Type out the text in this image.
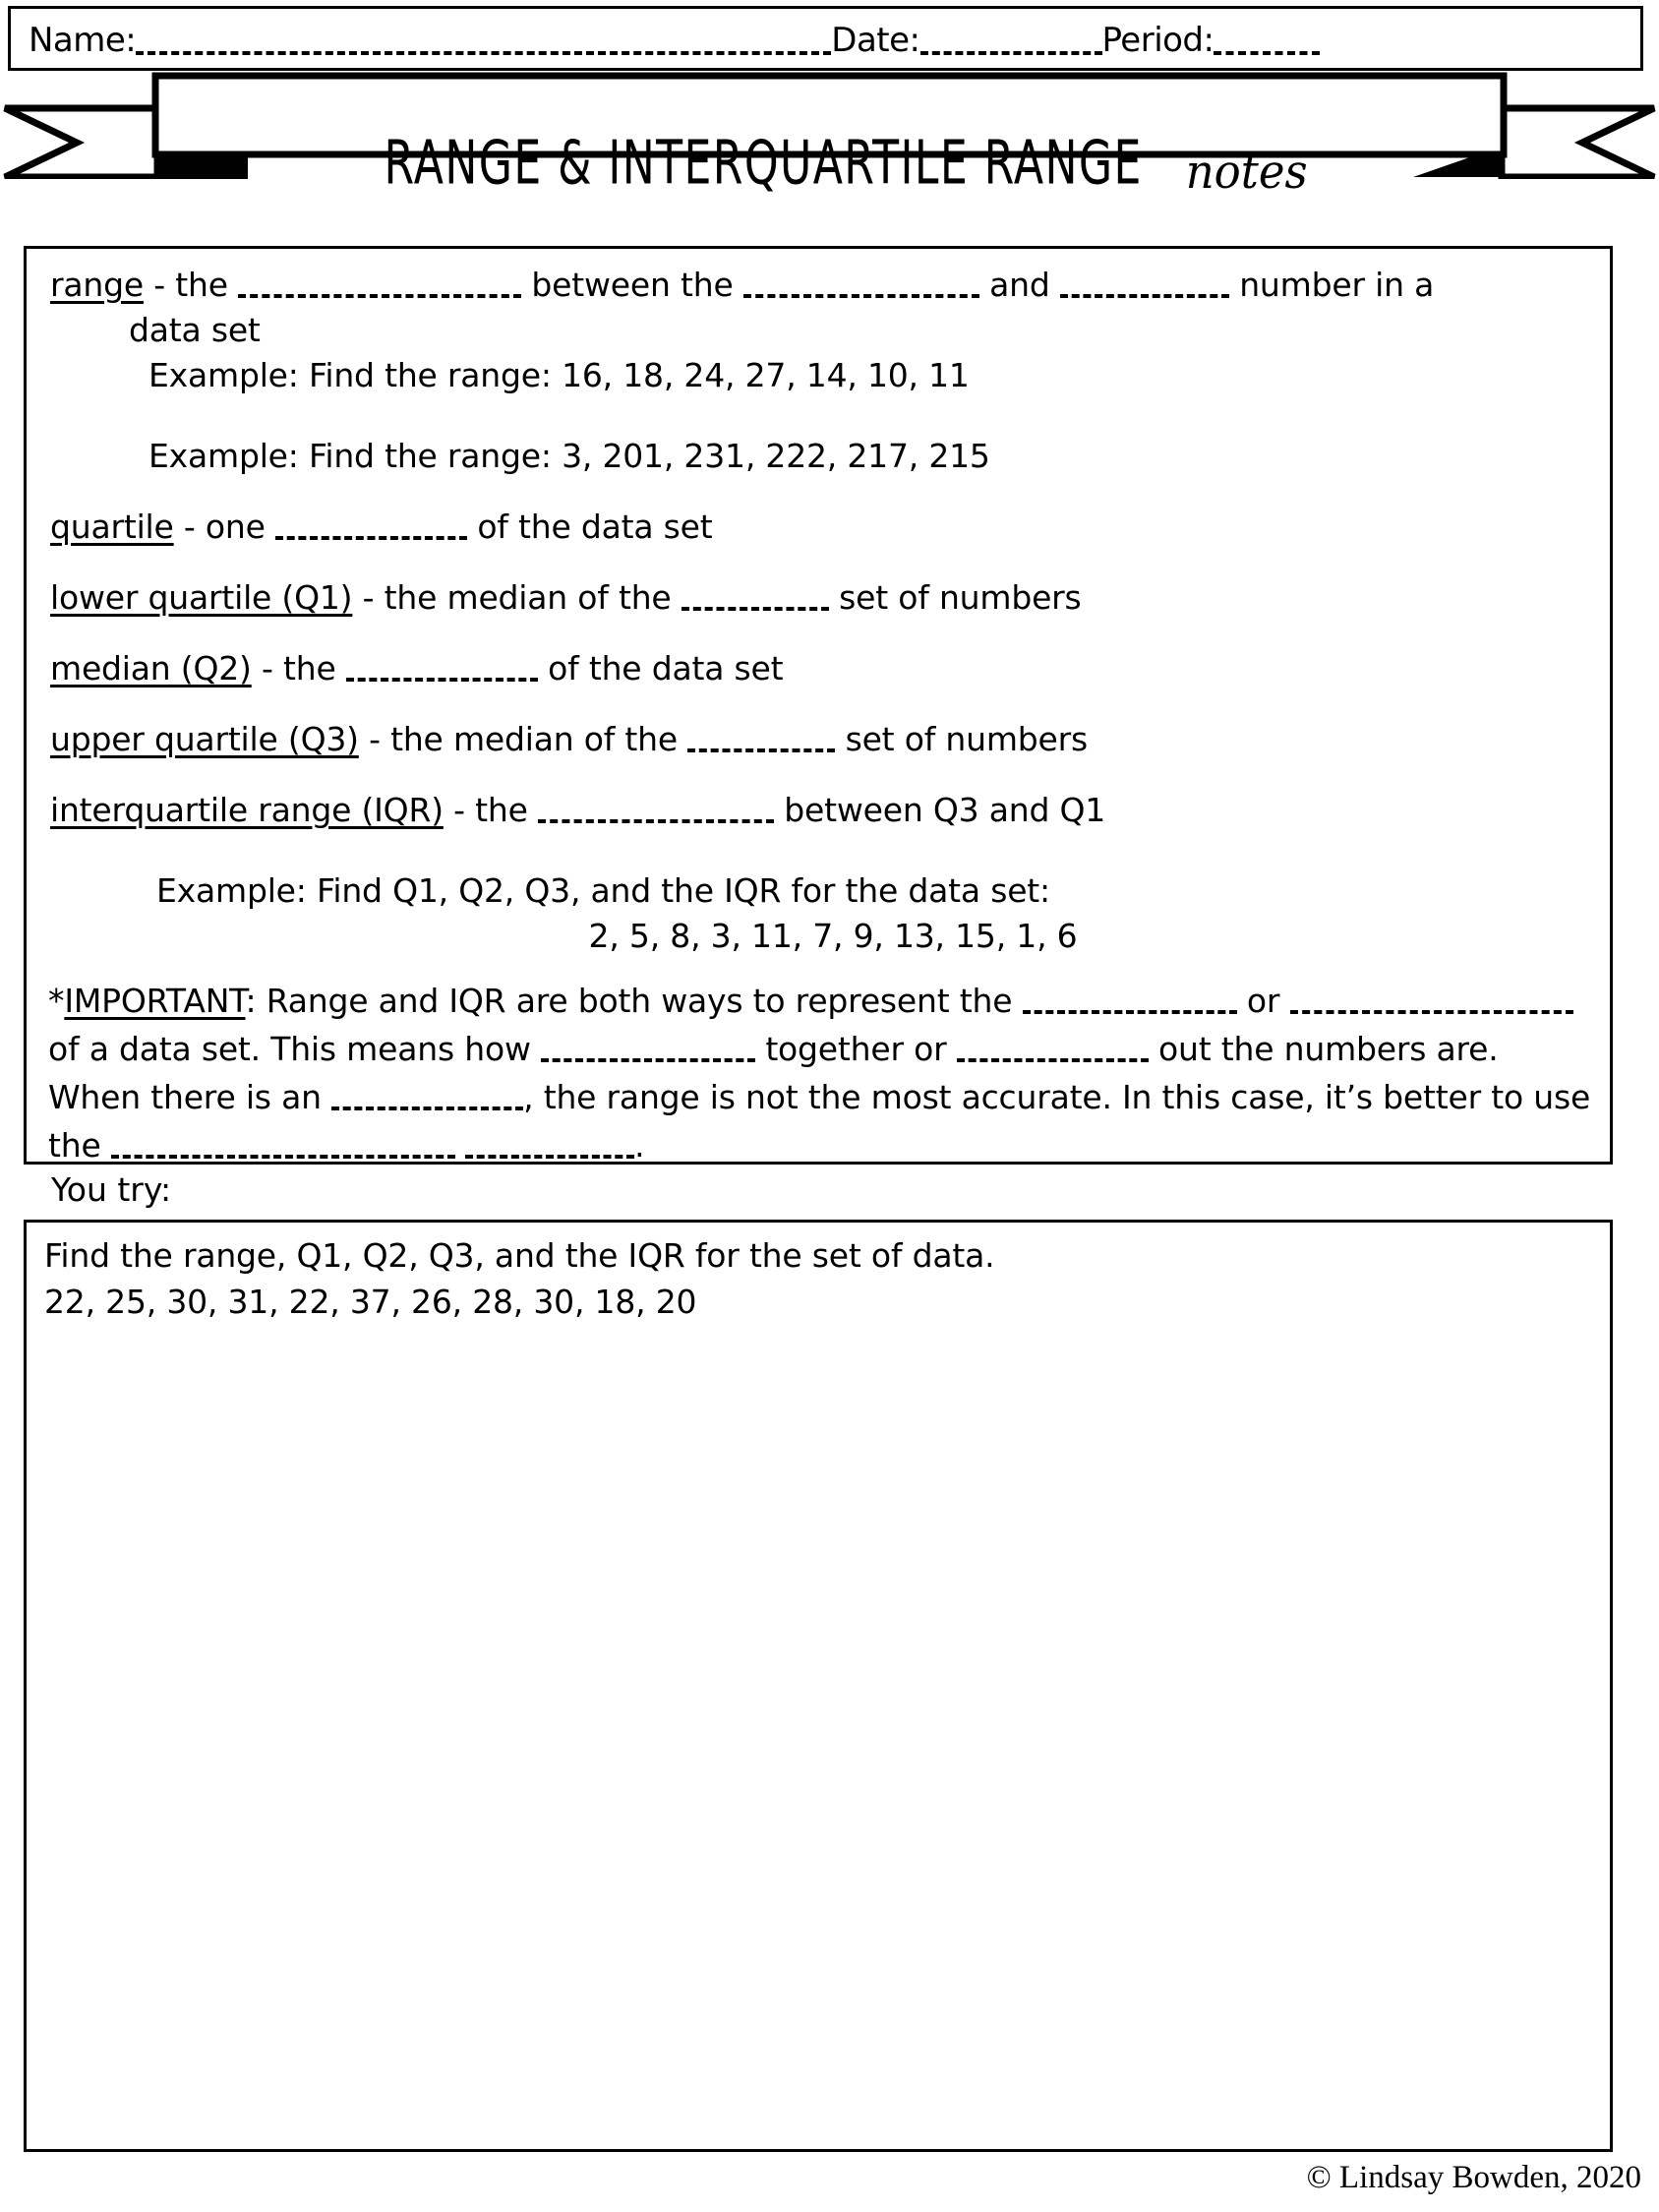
Name:	Date:	Period:
RANGE & INTERQUARTILE RANGE notes
range - the	between the	and	number in a
data set
Example: Find the range: 16, 18, 24, 27, 14, 10, 11
Example: Find the range: 3, 201, 231, 222, 217, 215
quartile - one	of the data set
lower quartile (Q1) - the median of the	set of numbers
median (Q2) - the	of the data set
upper quartile (Q3) - the median of the	set of numbers
interquartile range (IQR) - the	between Q3 and Q1
Example: Find Q1, Q2, Q3, and the IQR for the data set:
2, 5, 8, 3, 11, 7, 9, 13, 15, 1, 6
*IMPORTANT: Range and IQR are both ways to represent the	or  of a data set. This means how	together or	out the numbers are. When there is an	, the range is not the most accurate. In this case, it’s better to use the	.
You try:
Find the range, Q1, Q2, Q3, and the IQR for the set of data.
22, 25, 30, 31, 22, 37, 26, 28, 30, 18, 20
© Lindsay Bowden, 2020
